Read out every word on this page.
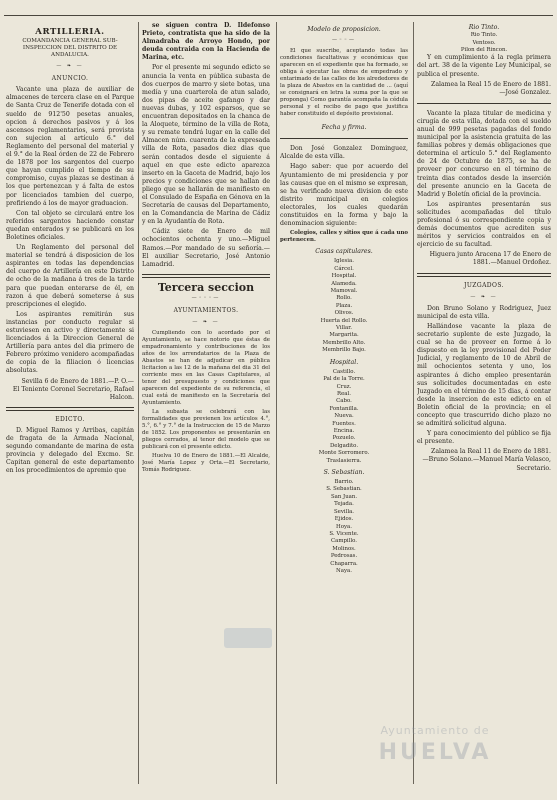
ARTILLERIA.
COMANDANCIA GENERAL SUB-INSPECCION DEL DISTRITO DE ANDALUCIA.
— ❧ —
ANUNCIO.

Vacante una plaza de auxiliar de almacenes de tercera clase en el Parque de Santa Cruz de Tenerife dotada con el sueldo de 912'50 pesetas anuales, opcion á derechos pasivos y á los ascensos reglamentarios, será provista con sujecion al artículo 6.° del Reglamento del personal del material y el 9.° de la Real órden de 22 de Febrero de 1878 por los sargentos del cuerpo que hayan cumplido el tiempo de su compromiso, cuyas plazas se destinan á los que pertenezcan y á falta de estos por licenciados tambien del cuerpo, prefiriendo á los de mayor graduacion.

Con tal objeto se circulará entre los referidos sargentos haciendo constar quedan enterados y se publicará en los Boletines oficiales.

Un Reglamento del personal del material se tendrá á disposicion de los aspirantes en todas las dependencias del cuerpo de Artillería en este Distrito de ocho de la mañana á tres de la tarde para que puedan enterarse de él, en razon á que deberá someterse á sus prescripciones el elegido.

Los aspirantes remitirán sus instancias por conducto regular si estuviesen en activo y directamente si licenciados á la Direccion General de Artillería para antes del dia primero de Febrero próximo venidero acompañadas de copia de la filiacion ó licencias absolutas.

Sevilla 6 de Enero de 1881.—P. O.—El Teniente Coronel Secretario, Rafael Halcon.

EDICTO.

D. Miguel Ramos y Arribas, capitán de fragata de la Armada Nacional, segundo comandante de marina de esta provincia y delegado del Excmo. Sr. Capitan general de este departamento en los procedimientos de apremio que

se siguen contra D. Ildefonso Prieto, contratista que ha sido de la Almadraba de Arroyo Hondo, por deuda contraida con la Hacienda de Marina, etc.

Por el presente mi segundo edicto se anuncia la venta en pública subasta de dos cuerpos de marro y siete botas, una medía y una cuarterola de atun salado, dos pipas de aceite gafango y dar nuevas dubas, y 102 esparsos, que se encuentran depositados en la chanca de la Aloquete, término de la villa de Rota, y su remate tendrá lugar en la calle del Almacen núm. cuarenta de la expresada villa de Rota, pasados diez dias que serán contados desde el siguiente á aquel en que este edicto aparezca inserto en la Gaceta de Madrid, bajo los precios y condiciones que se hallan de pliego que se hallarán de manifiesto en el Consulado de España en Génova en la Secretaría de causas del Departamento, en la Comandancia de Marina de Cádiz y en la Ayudantía de Rota.

Cádiz siete de Enero de mil ochocientos ochenta y uno.—Miguel Ramos.—Por mandado de su señoría.—El auxiliar Secretario, José Antonio Lamadrid.

Tercera seccion
—◦◦◦—
AYUNTAMIENTOS.
— ❧ —

Cumpliendo con lo acordado por el Ayuntamiento, se hace notorio que éstas de empadronamiento y contribuciones de los años de los arrendatarios de la Plaza de Abastos se han de adjudicar en pública licitacion a las 12 de la mañana del dia 31 del corriente mes en las Casas Capitulares, al tenor del presupuesto y condiciones que aparecen del expediente de su referencia, el cual está de manifiesto en la Secretaría del Ayuntamiento.

La subasta se celebrará con las formalidades que previenen los artículos 4.°, 5.°, 6.° y 7.° de la Instruccion de 15 de Marzo de 1852. Los proponentes se presentarán en pliegos cerrados, al tenor del modelo que se publicará con el presente edicto.

Huelva 10 de Enero de 1881.—El Alcalde, José María Lopez y Orta.—El Secretario, Tomás Rodriguez.

Modelo de proposicion.
—◦◦—

El que suscribe, aceptando todas las condiciones facultativas y económicas que aparecen en el expediente que ha formado, se obliga á ejecutar las obras de empedrado y entarimado de las calles de los alrededores de la plaza de Abastos en la cantidad de ... (aquí se consignará en letra la suma por la que se proponga) Como garantía acompaña la cédula personal y el recibo de pago que justifica haber constituido el depósito provisional.

Fecha y firma.

Don José Gonzalez Dominguez, Alcalde de esta villa.

Hago saber: que por acuerdo del Ayuntamiento de mi presidencia y por las causas que en el mismo se expresan, se ha verificado nueva division de este distrito municipal en colegios electorales, los cuales quedarán constituidos en la forma y bajo la denominacion siguiente:

Colegios, calles y sitios que á cada uno pertenecen.

Casas capitulares.
Iglesia.
Cárcel.
Hospital.
Alameda.
Mamoval.
Rollo.
Plaza.
Olivos.
Huerta del Rollo.
Villar.
Margarita.
Membrillo Alto.
Membrillo Bajo.
Hospital.
Castillo.
Pal de la Torre.
Cruz.
Real.
Cabo.
Fontanilla.
Nueva.
Fuentes.
Encina.
Pozuelo.
Delgadito.
Monte Sorromero.
Traslasierra.
S. Sebastian.
Barrio.
S. Sebastian.
San Juan.
Tejada.
Sevilla.
Ejidos.
Hoya.
S. Vicente.
Campillo.
Molinos.
Pedrosas.
Chaparra.
Naya.
Rio Tinto.
Rio Tinto.
Ventoso.
Pilon del Rincon.

Y en cumplimiento á la regla primera del art. 38 de la vigente Ley Municipal, se publica el presente.

Zalamea la Real 15 de Enero de 1881.—José Gonzalez.

Vacante la plaza titular de medicina y cirugía de esta villa, dotada con el sueldo anual de 999 pesetas pagadas del fondo municipal por la asistencia gratuita de las familias pobres y demás obligaciones que determina el artículo 5.° del Reglamento de 24 de Octubre de 1875, se ha de proveer por concurso en el término de treinta dias contados desde la inserción del presente anuncio en la Gaceta de Madrid y Boletín oficial de la provincia.

Los aspirantes presentarán sus solicitudes acompañadas del título profesional ó su correspondiente copia y demás documentos que acrediten sus méritos y servicios contraidos en el ejercicio de su facultad.

Higuera junto Aracena 17 de Enero de 1881.—Manuel Ordoñez.

JUZGADOS.
— ❧ —

Don Bruno Solano y Rodriguez, Juez municipal de esta villa.

Hallándose vacante la plaza de secretario suplente de este Juzgado, la cual se ha de proveer en forme á lo dispuesto en la ley provisional del Poder Judicial, y reglamento de 10 de Abril de mil ochocientos setenta y uno, los aspirantes á dicho empleo presentarán sus solicitudes documentadas en este Juzgado en el término de 15 dias, á contar desde la insercion de este edicto en el Boletin oficial de la provincia; en el concepto que trascurrido dicho plazo no se admitirá solicitud alguna.

Y para conocimiento del público se fija el presente.

Zalamea la Real 11 de Enero de 1881.—Bruno Solano.—Manuel María Velasco, Secretario.

Ayuntamiento de
HUELVA
